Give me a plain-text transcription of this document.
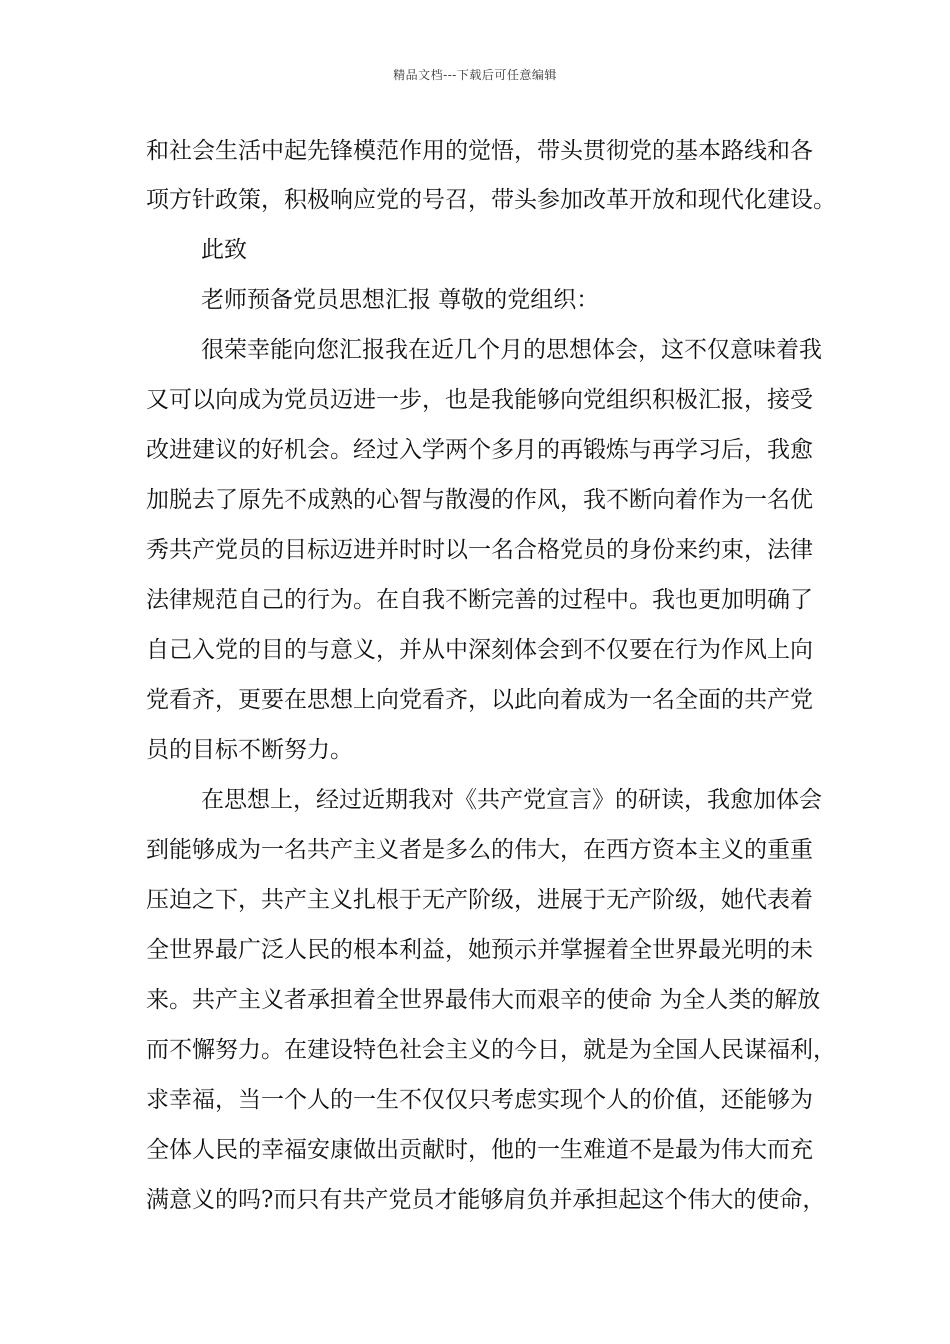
精品文档---下载后可任意编辑
和社会生活中起先锋模范作用的觉悟，带头贯彻党的基本路线和各
项方针政策，积极响应党的号召，带头参加改革开放和现代化建设。
此致
老师预备党员思想汇报 尊敬的党组织：
很荣幸能向您汇报我在近几个月的思想体会，这不仅意味着我
又可以向成为党员迈进一步，也是我能够向党组织积极汇报，接受
改进建议的好机会。经过入学两个多月的再锻炼与再学习后，我愈
加脱去了原先不成熟的心智与散漫的作风，我不断向着作为一名优
秀共产党员的目标迈进并时时以一名合格党员的身份来约束，法律
法律规范自己的行为。在自我不断完善的过程中。我也更加明确了
自己入党的目的与意义，并从中深刻体会到不仅要在行为作风上向
党看齐，更要在思想上向党看齐，以此向着成为一名全面的共产党
员的目标不断努力。
在思想上，经过近期我对《共产党宣言》的研读，我愈加体会
到能够成为一名共产主义者是多么的伟大，在西方资本主义的重重
压迫之下，共产主义扎根于无产阶级，进展于无产阶级，她代表着
全世界最广泛人民的根本利益，她预示并掌握着全世界最光明的未
来。共产主义者承担着全世界最伟大而艰辛的使命 为全人类的解放
而不懈努力。在建设特色社会主义的今日，就是为全国人民谋福利，
求幸福，当一个人的一生不仅仅只考虑实现个人的价值，还能够为
全体人民的幸福安康做出贡献时，他的一生难道不是最为伟大而充
满意义的吗?而只有共产党员才能够肩负并承担起这个伟大的使命，
